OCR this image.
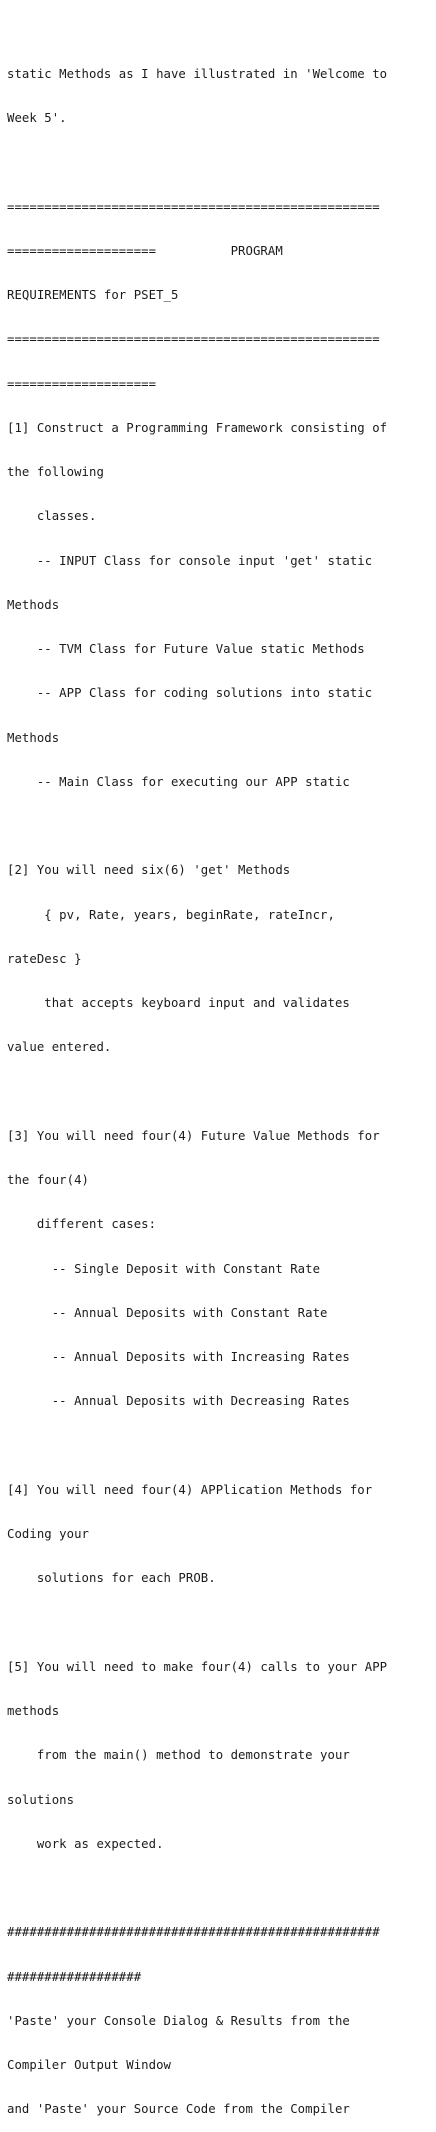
static Methods as I have illustrated in 'Welcome to

Week 5'.

==================================================

====================          PROGRAM

REQUIREMENTS for PSET_5

==================================================

====================

[1] Construct a Programming Framework consisting of

the following

classes.

-- INPUT Class for console input 'get' static

Methods

-- TVM Class for Future Value static Methods

-- APP Class for coding solutions into static

Methods

-- Main Class for executing our APP static

[2] You will need six(6) 'get' Methods

{ pv, Rate, years, beginRate, rateIncr,

rateDesc }

that accepts keyboard input and validates

value entered.

[3] You will need four(4) Future Value Methods for

the four(4)

different cases:

-- Single Deposit with Constant Rate

-- Annual Deposits with Constant Rate

-- Annual Deposits with Increasing Rates

-- Annual Deposits with Decreasing Rates

[4] You will need four(4) APPlication Methods for

Coding your

solutions for each PROB.

[5] You will need to make four(4) calls to your APP

methods

from the main() method to demonstrate your

solutions

work as expected.

##################################################

##################

'Paste' your Console Dialog & Results from the

Compiler Output Window

and 'Paste' your Source Code from the Compiler
